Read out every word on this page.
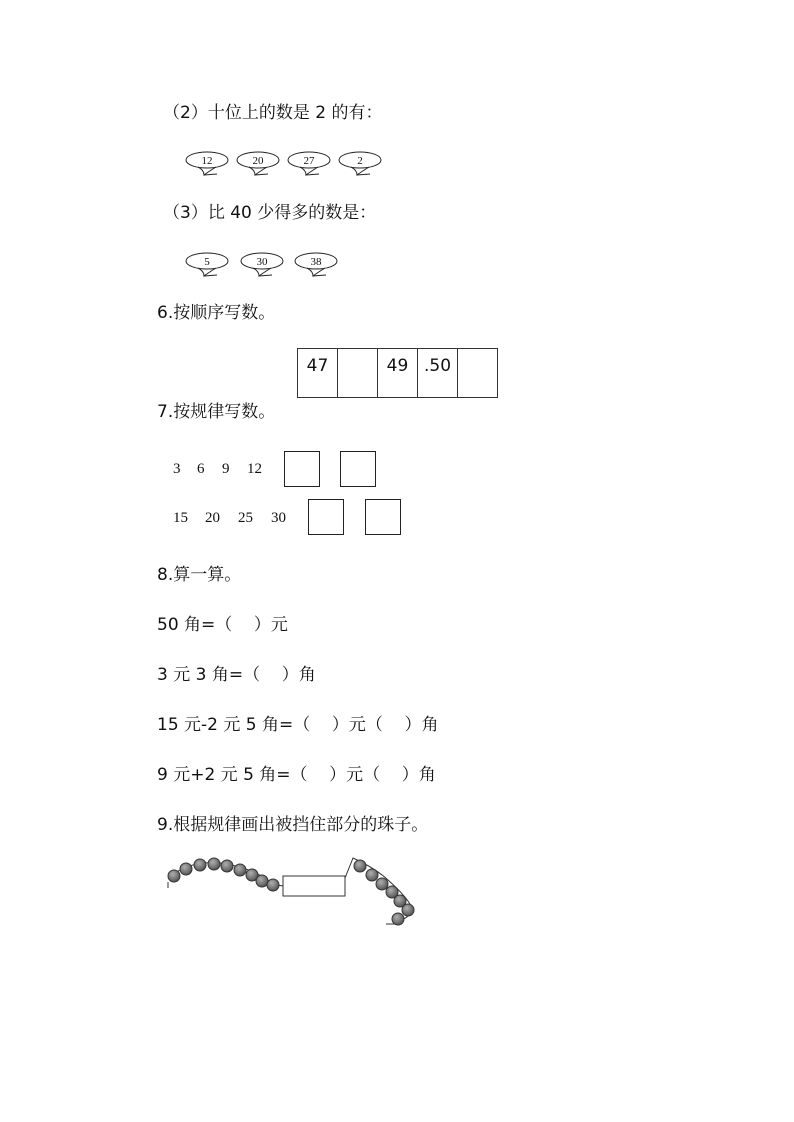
（2）十位上的数是 2 的有：
12	20	27	2
（3）比 40 少得多的数是：
5	30	38
6.按顺序写数。
47		49	.50	
7.按规律写数。
3 6 9 12
15 20 25 30
8.算一算。
50 角=（    ）元
3 元 3 角=（    ）角
15 元-2 元 5 角=（    ）元（    ）角
9 元+2 元 5 角=（    ）元（    ）角
9.根据规律画出被挡住部分的珠子。
